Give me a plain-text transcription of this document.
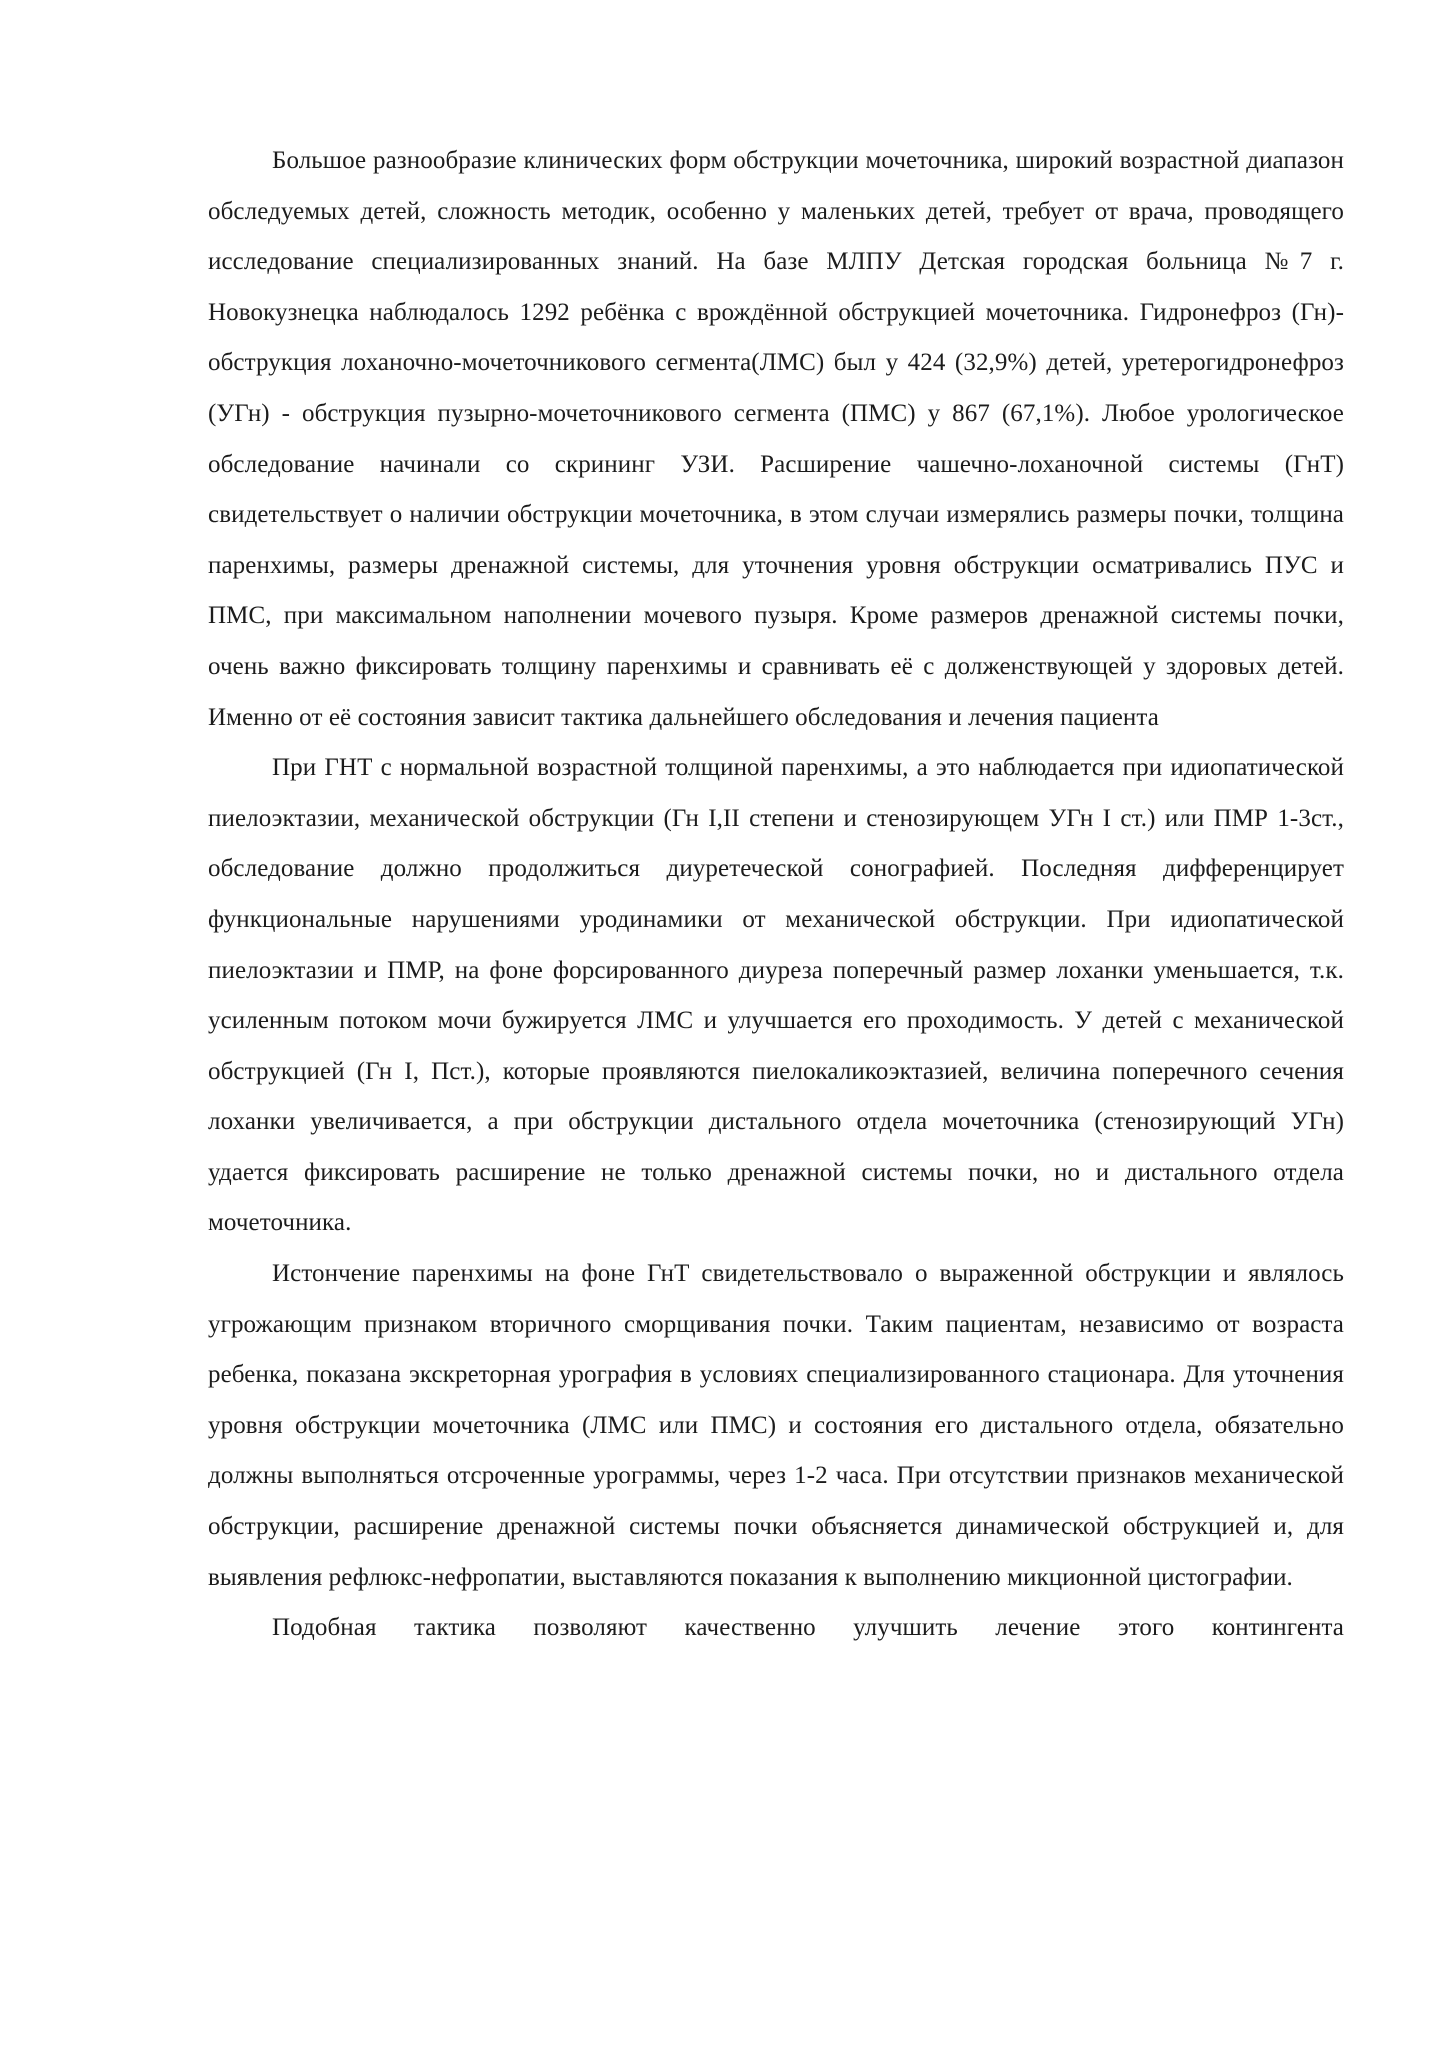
Большое разнообразие клинических форм обструкции мочеточника, широкий возрастной диапазон обследуемых детей, сложность методик, особенно у маленьких детей, требует от врача, проводящего исследование специализированных знаний. На базе МЛПУ Детская городская больница №7 г. Новокузнецка наблюдалось 1292 ребёнка с врождённой обструкцией мочеточника. Гидронефроз (Гн)-обструкция лоханочно-мочеточникового сегмента(ЛМС) был у 424 (32,9%) детей, уретерогидронефроз (УГн) - обструкция пузырно-мочеточникового сегмента (ПМС) у 867 (67,1%). Любое урологическое обследование начинали со скрининг УЗИ. Расширение чашечно-лоханочной системы (ГнТ) свидетельствует о наличии обструкции мочеточника, в этом случаи измерялись размеры почки, толщина паренхимы, размеры дренажной системы, для уточнения уровня обструкции осматривались ПУС и ПМС, при максимальном наполнении мочевого пузыря. Кроме размеров дренажной системы почки, очень важно фиксировать толщину паренхимы и сравнивать её с долженствующей у здоровых детей. Именно от её состояния зависит тактика дальнейшего обследования и лечения пациента

При ГНТ с нормальной возрастной толщиной паренхимы, а это наблюдается при идиопатической пиелоэктазии, механической обструкции (Гн I,II степени и стенозирующем УГн I ст.) или ПМР 1-3ст., обследование должно продолжиться диуретеческой сонографией. Последняя дифференцирует функциональные нарушениями уродинамики от механической обструкции. При идиопатической пиелоэктазии и ПМР, на фоне форсированного диуреза поперечный размер лоханки уменьшается, т.к. усиленным потоком мочи бужируется ЛМС и улучшается его проходимость. У детей с механической обструкцией (Гн I, Пст.), которые проявляются пиелокаликоэктазией, величина поперечного сечения лоханки увеличивается, а при обструкции дистального отдела мочеточника (стенозирующий УГн) удается фиксировать расширение не только дренажной системы почки, но и дистального отдела мочеточника.

Истончение паренхимы на фоне ГнТ свидетельствовало о выраженной обструкции и являлось угрожающим признаком вторичного сморщивания почки. Таким пациентам, независимо от возраста ребенка, показана экскреторная урография в условиях специализированного стационара. Для уточнения уровня обструкции мочеточника (ЛМС или ПМС) и состояния его дистального отдела, обязательно должны выполняться отсроченные урограммы, через 1-2 часа. При отсутствии признаков механической обструкции, расширение дренажной системы почки объясняется динамической обструкцией и, для выявления рефлюкс-нефропатии, выставляются показания к выполнению микционной цистографии.

Подобная тактика позволяют качественно улучшить лечение этого контингента
